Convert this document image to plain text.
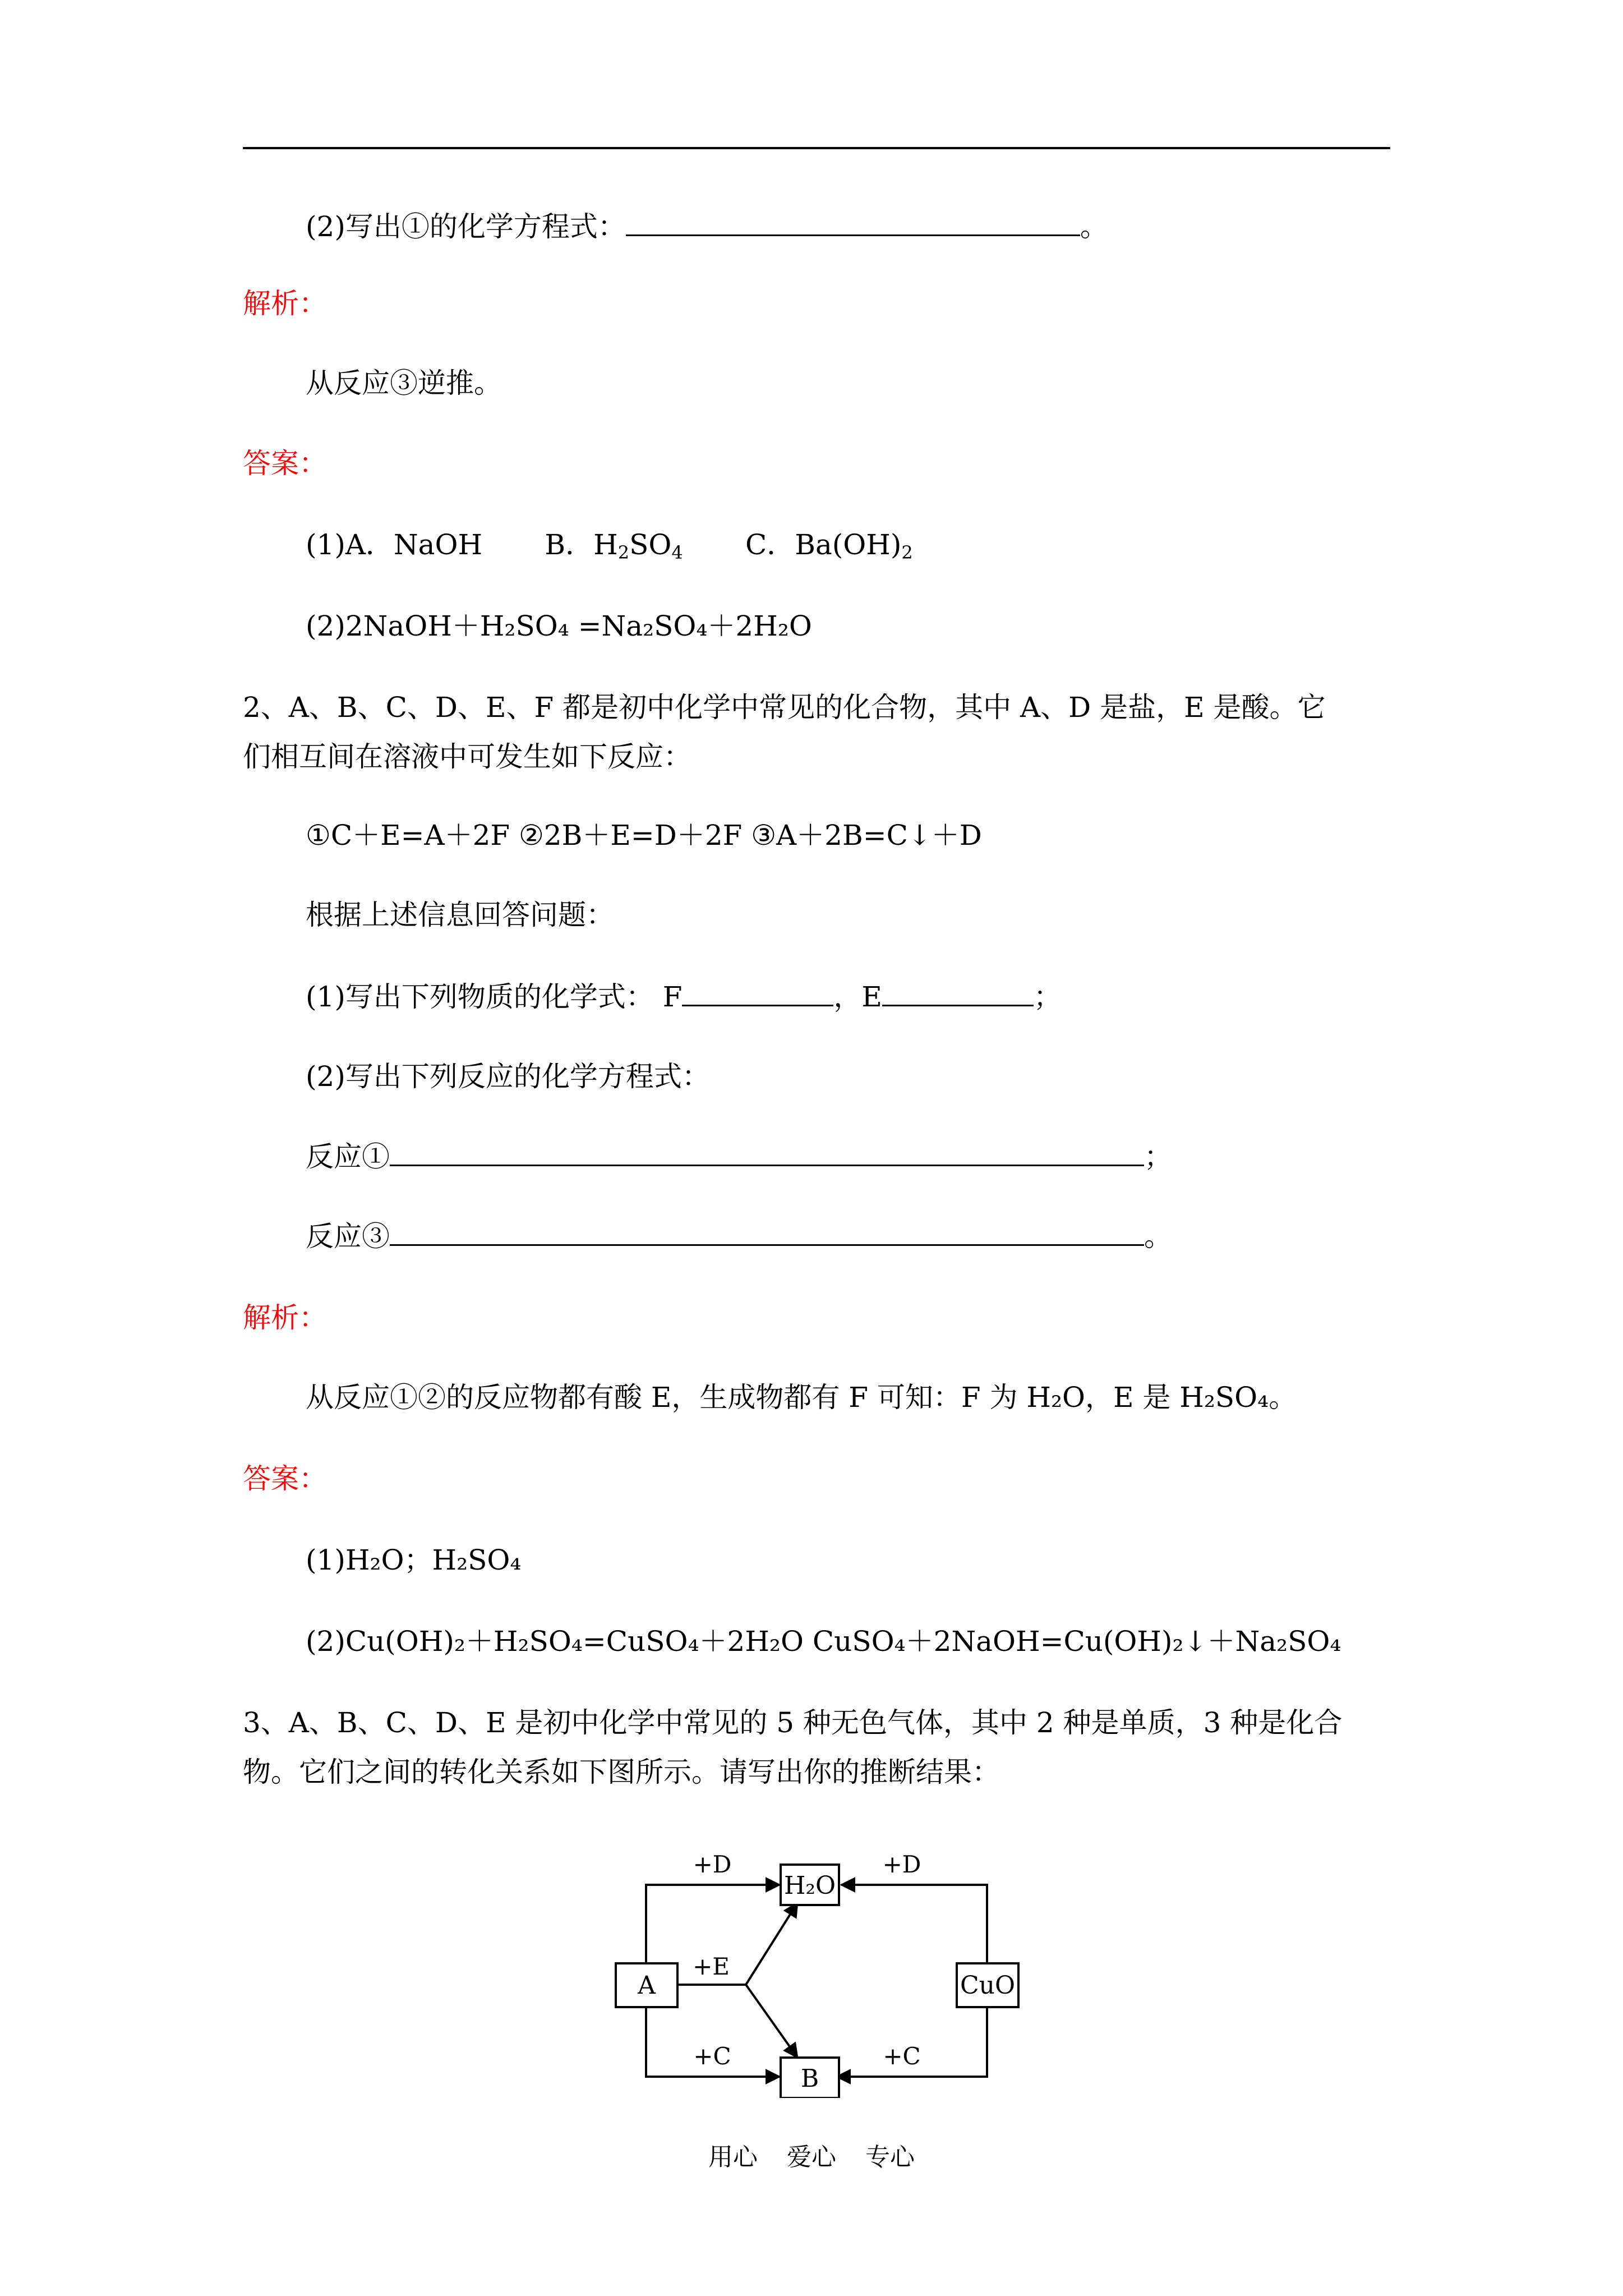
(2)写出①的化学方程式：	。
解析：
从反应③逆推。
答案：
(1)A．NaOH B．$H_2SO_4$ C．$Ba(OH)_2$
(2)2NaOH＋H₂SO₄ =Na₂SO₄＋2H₂O
2、A、B、C、D、E、F 都是初中化学中常见的化合物，其中 A、D 是盐，E 是酸。它
们相互间在溶液中可发生如下反应：
①C＋E=A＋2F ②2B＋E=D＋2F ③A＋2B=C↓＋D
根据上述信息回答问题：
(1)写出下列物质的化学式： F	，E	；
(2)写出下列反应的化学方程式：
反应①	；
反应③	。
解析：
从反应①②的反应物都有酸 E，生成物都有 F 可知：F 为 H₂O，E 是 H₂SO₄。
答案：
(1)H₂O；H₂SO₄
(2)Cu(OH)₂＋H₂SO₄=CuSO₄＋2H₂O CuSO₄＋2NaOH=Cu(OH)₂↓＋Na₂SO₄
3、A、B、C、D、E 是初中化学中常见的 5 种无色气体，其中 2 种是单质，3 种是化合
物。它们之间的转化关系如下图所示。请写出你的推断结果：
A
H₂O
CuO
B
+D	+D
+E
+C	+C
用心 爱心 专心
